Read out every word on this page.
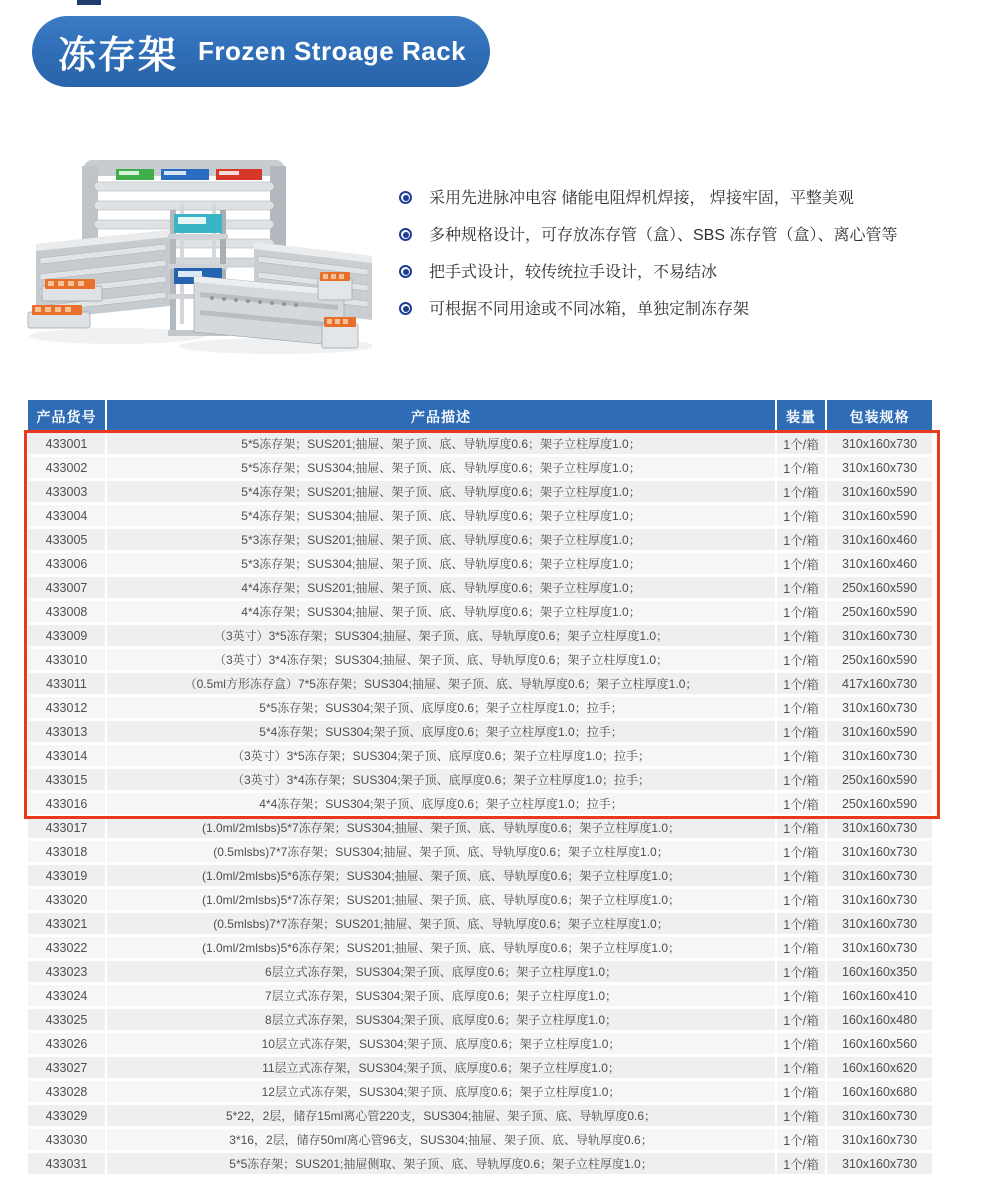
冻存架 Frozen Stroage Rack
采用先进脉冲电容 储能电阻焊机焊接， 焊接牢固，平整美观
多种规格设计，可存放冻存管（盒）、SBS 冻存管（盒）、离心管等
把手式设计，较传统拉手设计，不易结冰
可根据不同用途或不同冰箱，单独定制冻存架
产品货号	产品描述	装量	包装规格
433001	5*5冻存架；SUS201;抽屉、架子顶、底、导轨厚度0.6；架子立柱厚度1.0；	1个/箱	310x160x730
433002	5*5冻存架；SUS304;抽屉、架子顶、底、导轨厚度0.6；架子立柱厚度1.0；	1个/箱	310x160x730
433003	5*4冻存架；SUS201;抽屉、架子顶、底、导轨厚度0.6；架子立柱厚度1.0；	1个/箱	310x160x590
433004	5*4冻存架；SUS304;抽屉、架子顶、底、导轨厚度0.6；架子立柱厚度1.0；	1个/箱	310x160x590
433005	5*3冻存架；SUS201;抽屉、架子顶、底、导轨厚度0.6；架子立柱厚度1.0；	1个/箱	310x160x460
433006	5*3冻存架；SUS304;抽屉、架子顶、底、导轨厚度0.6；架子立柱厚度1.0；	1个/箱	310x160x460
433007	4*4冻存架；SUS201;抽屉、架子顶、底、导轨厚度0.6；架子立柱厚度1.0；	1个/箱	250x160x590
433008	4*4冻存架；SUS304;抽屉、架子顶、底、导轨厚度0.6；架子立柱厚度1.0；	1个/箱	250x160x590
433009	（3英寸）3*5冻存架；SUS304;抽屉、架子顶、底、导轨厚度0.6；架子立柱厚度1.0；	1个/箱	310x160x730
433010	（3英寸）3*4冻存架；SUS304;抽屉、架子顶、底、导轨厚度0.6；架子立柱厚度1.0；	1个/箱	250x160x590
433011	（0.5ml方形冻存盒）7*5冻存架；SUS304;抽屉、架子顶、底、导轨厚度0.6；架子立柱厚度1.0；	1个/箱	417x160x730
433012	5*5冻存架；SUS304;架子顶、底厚度0.6；架子立柱厚度1.0；拉手；	1个/箱	310x160x730
433013	5*4冻存架；SUS304;架子顶、底厚度0.6；架子立柱厚度1.0；拉手；	1个/箱	310x160x590
433014	（3英寸）3*5冻存架；SUS304;架子顶、底厚度0.6；架子立柱厚度1.0；拉手；	1个/箱	310x160x730
433015	（3英寸）3*4冻存架；SUS304;架子顶、底厚度0.6；架子立柱厚度1.0；拉手；	1个/箱	250x160x590
433016	4*4冻存架；SUS304;架子顶、底厚度0.6；架子立柱厚度1.0；拉手；	1个/箱	250x160x590
433017	(1.0ml/2mlsbs)5*7冻存架；SUS304;抽屉、架子顶、底、导轨厚度0.6；架子立柱厚度1.0；	1个/箱	310x160x730
433018	(0.5mlsbs)7*7冻存架；SUS304;抽屉、架子顶、底、导轨厚度0.6；架子立柱厚度1.0；	1个/箱	310x160x730
433019	(1.0ml/2mlsbs)5*6冻存架；SUS304;抽屉、架子顶、底、导轨厚度0.6；架子立柱厚度1.0；	1个/箱	310x160x730
433020	(1.0ml/2mlsbs)5*7冻存架；SUS201;抽屉、架子顶、底、导轨厚度0.6；架子立柱厚度1.0；	1个/箱	310x160x730
433021	(0.5mlsbs)7*7冻存架；SUS201;抽屉、架子顶、底、导轨厚度0.6；架子立柱厚度1.0；	1个/箱	310x160x730
433022	(1.0ml/2mlsbs)5*6冻存架；SUS201;抽屉、架子顶、底、导轨厚度0.6；架子立柱厚度1.0；	1个/箱	310x160x730
433023	6层立式冻存架，SUS304;架子顶、底厚度0.6；架子立柱厚度1.0；	1个/箱	160x160x350
433024	7层立式冻存架，SUS304;架子顶、底厚度0.6；架子立柱厚度1.0；	1个/箱	160x160x410
433025	8层立式冻存架，SUS304;架子顶、底厚度0.6；架子立柱厚度1.0；	1个/箱	160x160x480
433026	10层立式冻存架，SUS304;架子顶、底厚度0.6；架子立柱厚度1.0；	1个/箱	160x160x560
433027	11层立式冻存架，SUS304;架子顶、底厚度0.6；架子立柱厚度1.0；	1个/箱	160x160x620
433028	12层立式冻存架，SUS304;架子顶、底厚度0.6；架子立柱厚度1.0；	1个/箱	160x160x680
433029	5*22，2层，储存15ml离心管220支，SUS304;抽屉、架子顶、底、导轨厚度0.6；	1个/箱	310x160x730
433030	3*16，2层，储存50ml离心管96支，SUS304;抽屉、架子顶、底、导轨厚度0.6；	1个/箱	310x160x730
433031	5*5冻存架；SUS201;抽屉侧取、架子顶、底、导轨厚度0.6；架子立柱厚度1.0；	1个/箱	310x160x730
